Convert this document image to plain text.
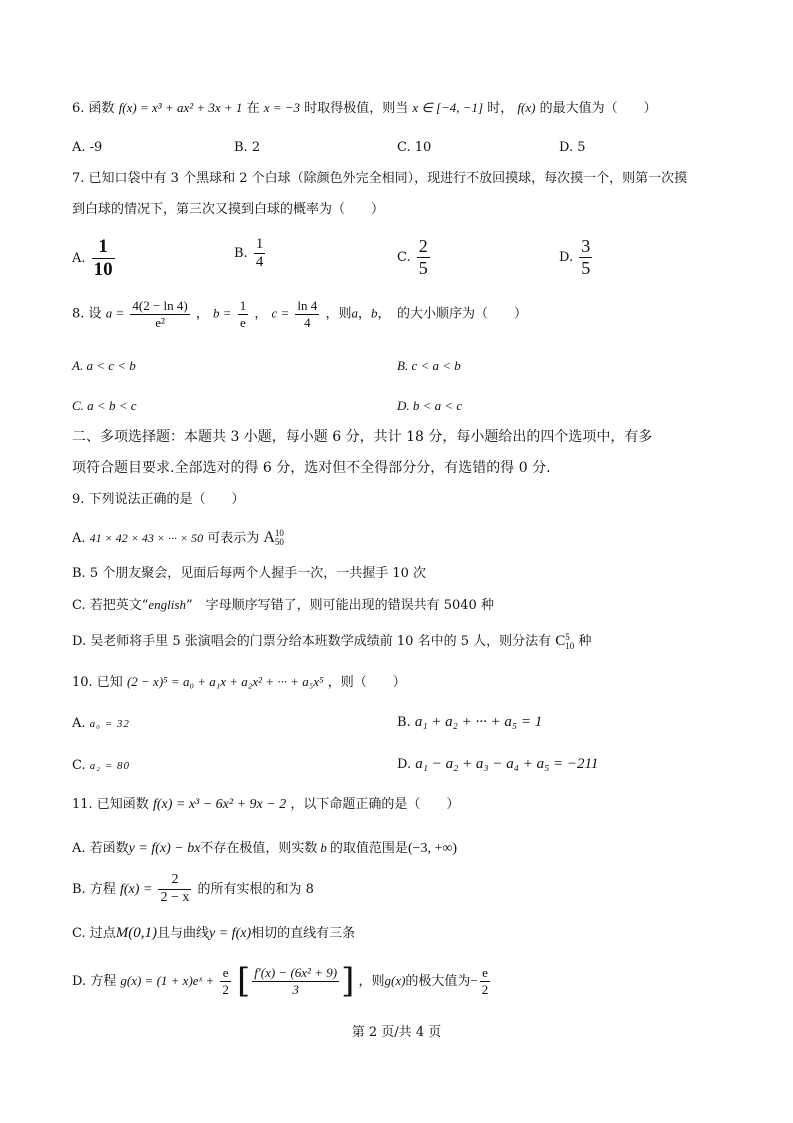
6. 函数 f(x) = x³ + ax² + 3x + 1 在 x = −3 时取得极值，则当 x ∈ [−4, −1] 时， f(x) 的最大值为（　　）
A. -9	B. 2	C. 10	D. 5
7. 已知口袋中有 3 个黑球和 2 个白球（除颜色外完全相同），现进行不放回摸球，每次摸一个，则第一次摸
到白球的情况下，第三次又摸到白球的概率为（　　）
A. $\frac{1}{10}$	B. $\frac{1}{4}$	C. $\frac{2}{5}$	D. $\frac{3}{5}$
8. 设 $a = \frac{4(2 - \ln 4)}{\text{e²}}$ ， $b = \frac{1}{e}$ ， $c = \frac{\ln 4}{4}$ ，则a，b，　的大小顺序为（　　）
A. a < c < b	B. c < a < b
C. a < b < c	D. b < a < c
二、多项选择题：本题共 3 小题，每小题 6 分，共计 18 分，每小题给出的四个选项中，有多
项符合题目要求.全部选对的得 6 分，选对但不全得部分分，有选错的得 0 分.
9. 下列说法正确的是（　　）
A. 41 × 42 × 43 × ··· × 50 可表示为 A 10
50
B. 5 个朋友聚会，见面后每两个人握手一次，一共握手 10 次
C. 若把英文“english”　字母顺序写错了，则可能出现的错误共有 5040 种
D. 吴老师将手里 5 张演唱会的门票分给本班数学成绩前 10 名中的 5 人，则分法有 C 5
10 种
10. 已知 (2 − x)⁵ = a₀ + a₁x + a₂x² + ··· + a₅x⁵ ，则（　　）
A. a₀ = 32	B. a₁ + a₂ + ··· + a₅ = 1
C. a₂ = 80	D. a₁ − a₂ + a₃ − a₄ + a₅ = −211
11. 已知函数 f(x) = x³ − 6x² + 9x − 2 ，以下命题正确的是（　　）
A. 若函数y = f(x) − bx不存在极值，则实数 b 的取值范围是(−3, +∞)
B. 方程 $f(x) = \frac{2}{2 - x}$ 的所有实根的和为 8
C. 过点M(0,1)且与曲线y = f(x)相切的直线有三条
D. 方程 g(x) = (1 + x)eˣ + $\frac{e}{2}$ [ $\frac{\text{f′(x) − (6x² + 9)}}{3}$ ] ，则g(x)的极大值为− $\frac{e}{2}$
第 2 页/共 4 页
